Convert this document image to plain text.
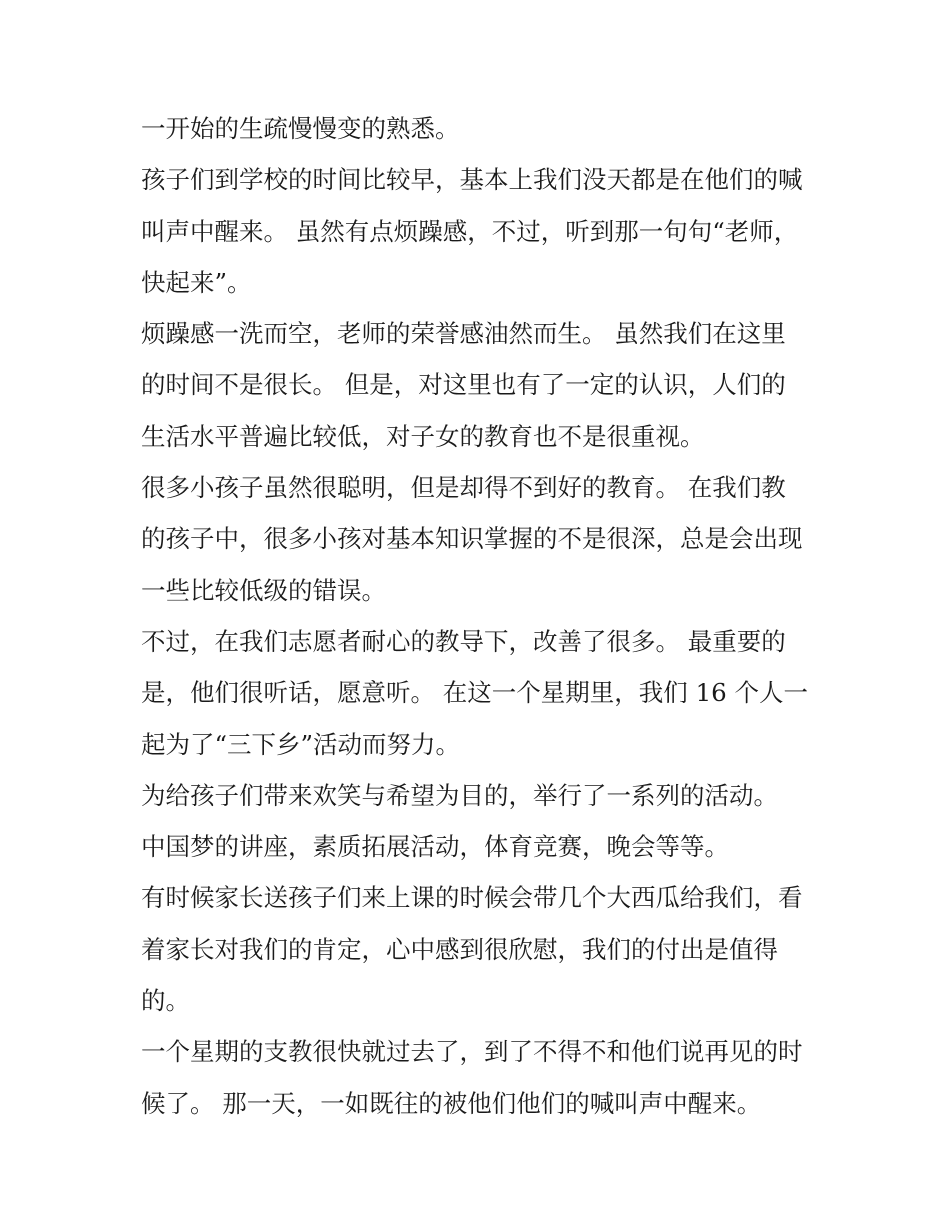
一开始的生疏慢慢变的熟悉。
孩子们到学校的时间比较早，基本上我们没天都是在他们的喊
叫声中醒来。 虽然有点烦躁感，不过，听到那一句句“老师，
快起来”。
烦躁感一洗而空，老师的荣誉感油然而生。 虽然我们在这里
的时间不是很长。 但是，对这里也有了一定的认识，人们的
生活水平普遍比较低，对子女的教育也不是很重视。
很多小孩子虽然很聪明，但是却得不到好的教育。 在我们教
的孩子中，很多小孩对基本知识掌握的不是很深，总是会出现
一些比较低级的错误。
不过，在我们志愿者耐心的教导下，改善了很多。 最重要的
是，他们很听话，愿意听。 在这一个星期里，我们 16 个人一
起为了“三下乡”活动而努力。
为给孩子们带来欢笑与希望为目的，举行了一系列的活动。
中国梦的讲座，素质拓展活动，体育竞赛，晚会等等。
有时候家长送孩子们来上课的时候会带几个大西瓜给我们，看
着家长对我们的肯定，心中感到很欣慰，我们的付出是值得
的。
一个星期的支教很快就过去了，到了不得不和他们说再见的时
候了。 那一天，一如既往的被他们他们的喊叫声中醒来。
